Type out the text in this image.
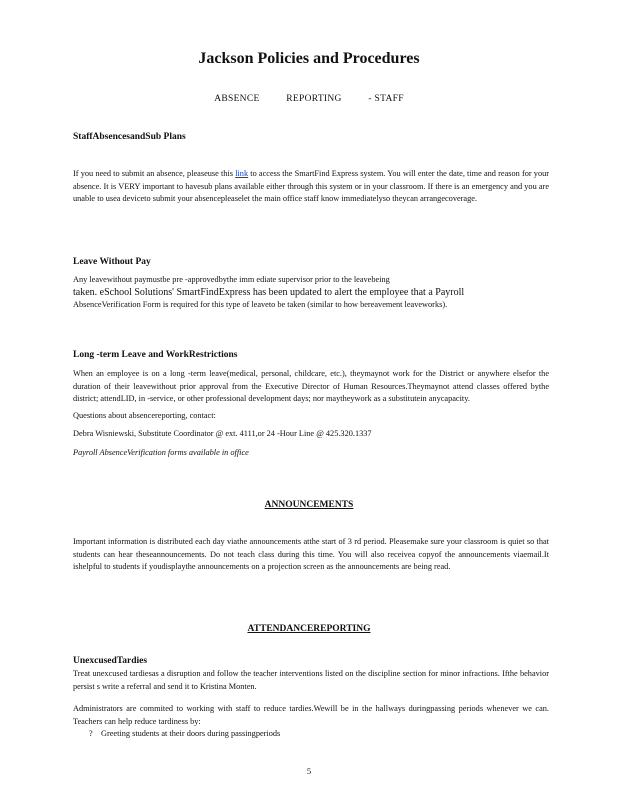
Jackson Policies and Procedures
ABSENCE	REPORTING	- STAFF
StaffAbsencesandSub Plans

If you need to submit an absence, pleaseuse this link to access the SmartFind Express system. You will enter the date, time and reason for your absence. It is VERY important to havesub plans available either through this system or in your classroom. If there is an emergency and you are unable to usea deviceto submit your absencepleaselet the main office staff know immediatelyso theycan arrangecoverage.

Leave Without Pay

Any leavewithout paymustbe pre -approvedbythe imm ediate supervisor prior to the leavebeing

taken. eSchool Solutions' SmartFindExpress has been updated to alert the employee that a Payroll

AbsenceVerification Form is required for this type of leaveto be taken (similar to how bereavement leaveworks).

Long -term Leave and WorkRestrictions

When an employee is on a long -term leave(medical, personal, childcare, etc.), theymaynot work for the District or anywhere elsefor the duration of their leavewithout prior approval from the Executive Director of Human Resources.Theymaynot attend classes offered bythe district; attendLID, in -service, or other professional development days; nor maytheywork as a substitutein anycapacity.

Questions about absencereporting, contact:

Debra Wisniewski, Substitute Coordinator @ ext. 4111,or 24 -Hour Line @ 425.320.1337

Payroll AbsenceVerification forms available in office

ANNOUNCEMENTS

Important information is distributed each day viathe announcements atthe start of 3 rd period. Pleasemake sure your classroom is quiet so that students can hear theseannouncements. Do not teach class during this time. You will also receivea copyof the announcements viaemail.It ishelpful to students if youdisplaythe announcements on a projection screen as the announcements are being read.

ATTENDANCEREPORTING
UnexcusedTardies

Treat unexcused tardiesas a disruption and follow the teacher interventions listed on the discipline section for minor infractions. Ifthe behavior persist s write a referral and send it to Kristina Monten.

Administrators are commited to working with staff to reduce tardies.Wewill be in the hallways duringpassing periods whenever we can. Teachers can help reduce tardiness by:

? Greeting students at their doors during passingperiods

5
